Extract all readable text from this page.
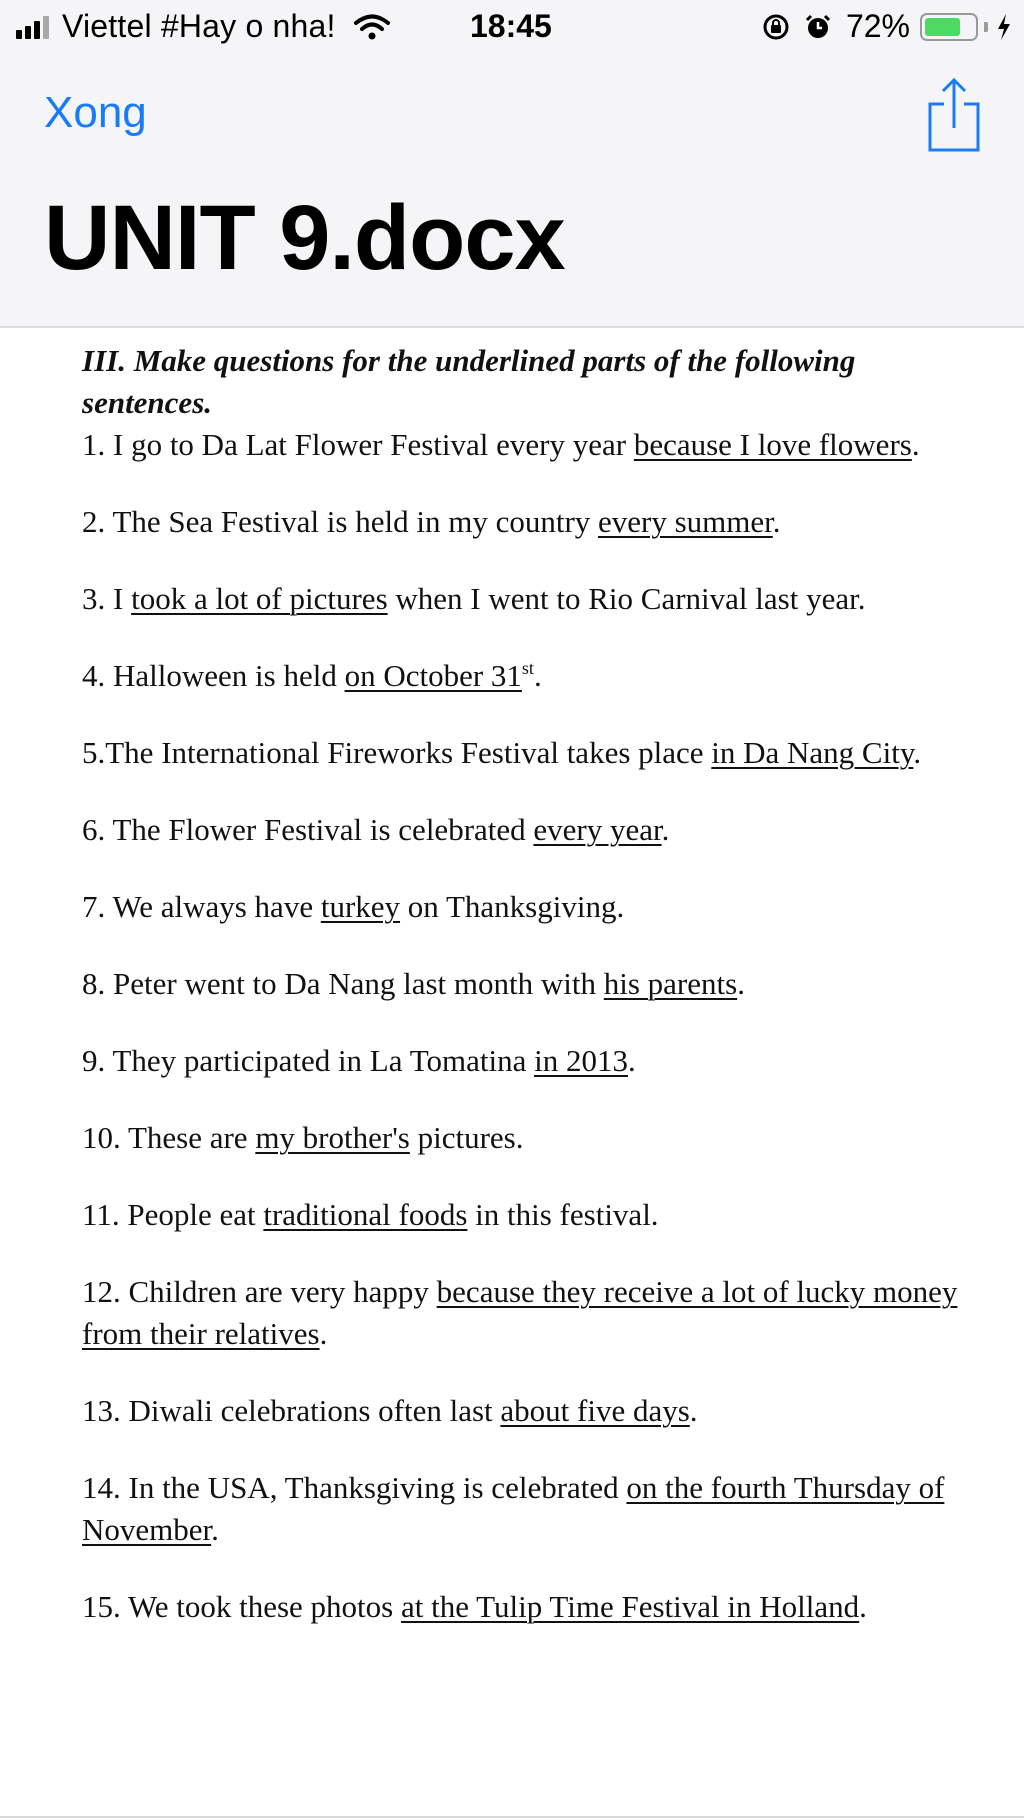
Viettel #Hay o nha!	18:45	72%
Xong
UNIT 9.docx
III. Make questions for the underlined parts of the following sentences.
1. I go to Da Lat Flower Festival every year because I love flowers.
2. The Sea Festival is held in my country every summer.
3. I took a lot of pictures when I went to Rio Carnival last year.
4. Halloween is held on October 31st.
5.The International Fireworks Festival takes place in Da Nang City.
6. The Flower Festival is celebrated every year.
7. We always have turkey on Thanksgiving.
8. Peter went to Da Nang last month with his parents.
9. They participated in La Tomatina in 2013.
10. These are my brother's pictures.
11. People eat traditional foods in this festival.
12. Children are very happy because they receive a lot of lucky money from their relatives.
13. Diwali celebrations often last about five days.
14. In the USA, Thanksgiving is celebrated on the fourth Thursday of November.
15. We took these photos at the Tulip Time Festival in Holland.
